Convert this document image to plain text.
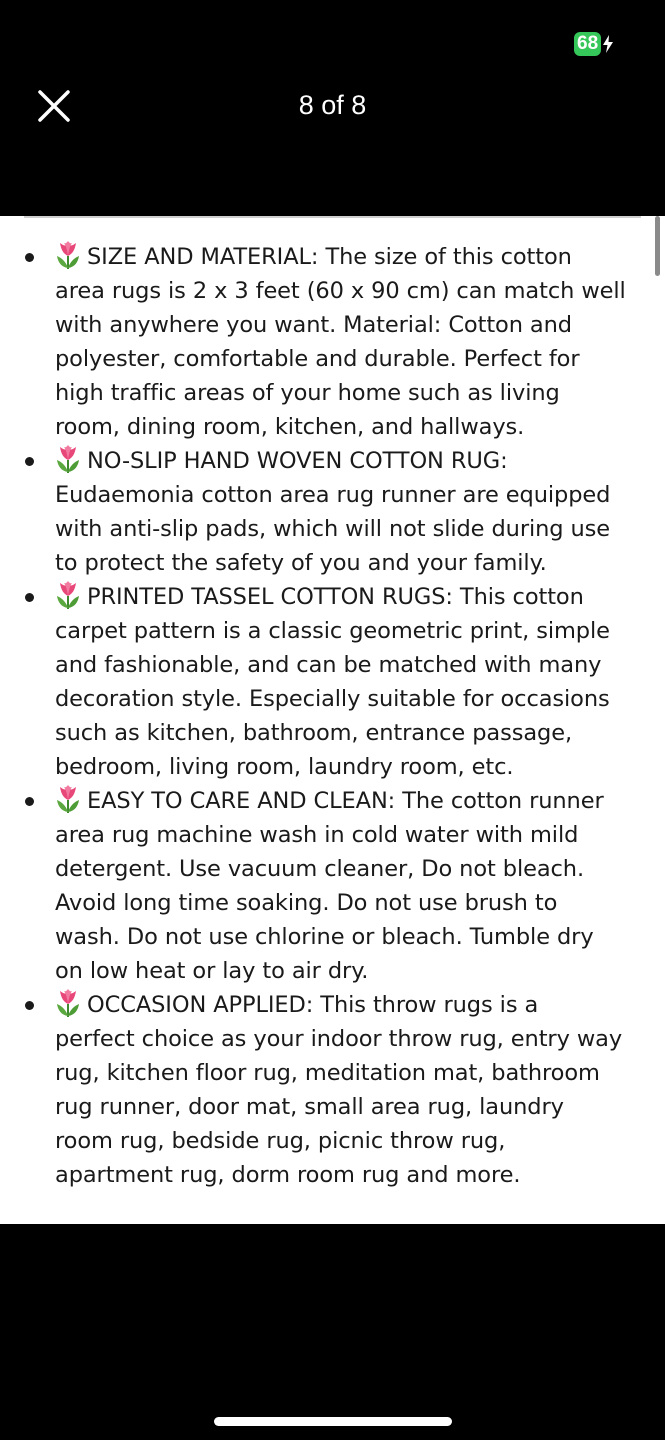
68
8 of 8
SIZE AND MATERIAL: The size of this cotton
area rugs is 2 x 3 feet (60 x 90 cm) can match well
with anywhere you want. Material: Cotton and
polyester, comfortable and durable. Perfect for
high traffic areas of your home such as living
room, dining room, kitchen, and hallways.
NO-SLIP HAND WOVEN COTTON RUG:
Eudaemonia cotton area rug runner are equipped
with anti-slip pads, which will not slide during use
to protect the safety of you and your family.
PRINTED TASSEL COTTON RUGS: This cotton
carpet pattern is a classic geometric print, simple
and fashionable, and can be matched with many
decoration style. Especially suitable for occasions
such as kitchen, bathroom, entrance passage,
bedroom, living room, laundry room, etc.
EASY TO CARE AND CLEAN: The cotton runner
area rug machine wash in cold water with mild
detergent. Use vacuum cleaner, Do not bleach.
Avoid long time soaking. Do not use brush to
wash. Do not use chlorine or bleach. Tumble dry
on low heat or lay to air dry.
OCCASION APPLIED: This throw rugs is a
perfect choice as your indoor throw rug, entry way
rug, kitchen floor rug, meditation mat, bathroom
rug runner, door mat, small area rug, laundry
room rug, bedside rug, picnic throw rug,
apartment rug, dorm room rug and more.
